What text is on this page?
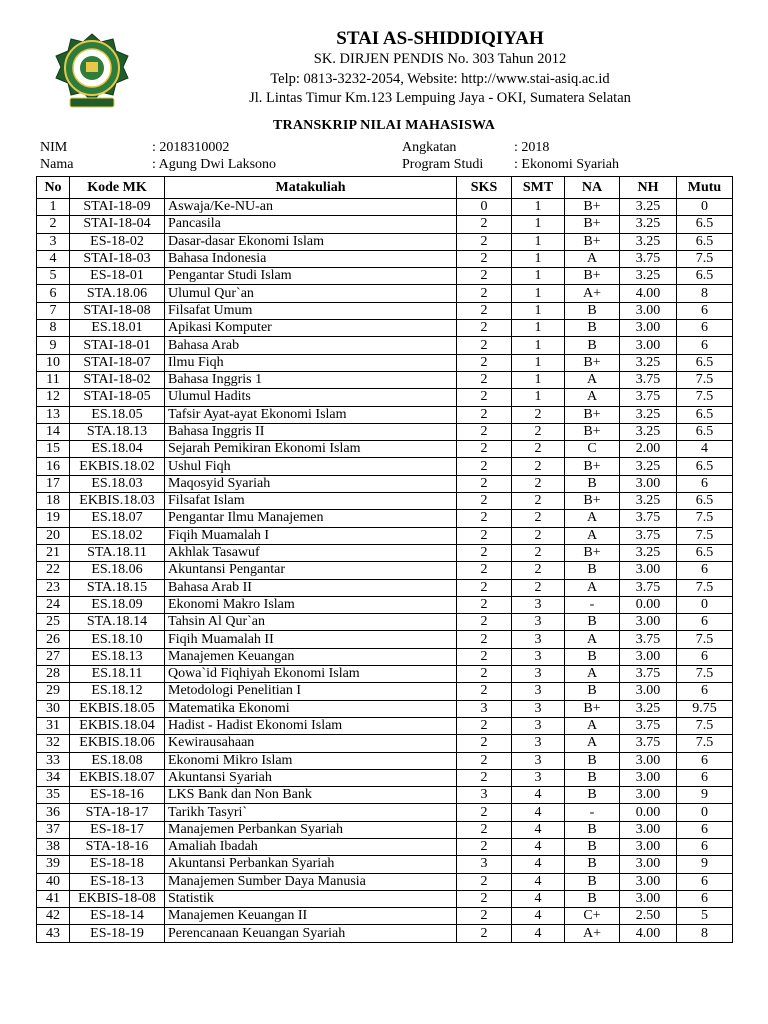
STAI AS-SHIDDIQIYAH
SK. DIRJEN PENDIS No. 303 Tahun 2012
Telp: 0813-3232-2054, Website: http://www.stai-asiq.ac.id
Jl. Lintas Timur Km.123 Lempuing Jaya - OKI, Sumatera Selatan
TRANSKRIP NILAI MAHASISWA
NIM	: 2018310002	Angkatan	: 2018
Nama	: Agung Dwi Laksono	Program Studi : Ekonomi Syariah
No	Kode MK	Matakuliah	SKS	SMT	NA	NH	Mutu
1	STAI-18-09	Aswaja/Ke-NU-an	0	1	B+	3.25	0
2	STAI-18-04	Pancasila	2	1	B+	3.25	6.5
3	ES-18-02	Dasar-dasar Ekonomi Islam	2	1	B+	3.25	6.5
4	STAI-18-03	Bahasa Indonesia	2	1	A	3.75	7.5
5	ES-18-01	Pengantar Studi Islam	2	1	B+	3.25	6.5
6	STA.18.06	Ulumul Qur`an	2	1	A+	4.00	8
7	STAI-18-08	Filsafat Umum	2	1	B	3.00	6
8	ES.18.01	Apikasi Komputer	2	1	B	3.00	6
9	STAI-18-01	Bahasa Arab	2	1	B	3.00	6
10	STAI-18-07	Ilmu Fiqh	2	1	B+	3.25	6.5
11	STAI-18-02	Bahasa Inggris 1	2	1	A	3.75	7.5
12	STAI-18-05	Ulumul Hadits	2	1	A	3.75	7.5
13	ES.18.05	Tafsir Ayat-ayat Ekonomi Islam	2	2	B+	3.25	6.5
14	STA.18.13	Bahasa Inggris II	2	2	B+	3.25	6.5
15	ES.18.04	Sejarah Pemikiran Ekonomi Islam	2	2	C	2.00	4
16	EKBIS.18.02	Ushul Fiqh	2	2	B+	3.25	6.5
17	ES.18.03	Maqosyid Syariah	2	2	B	3.00	6
18	EKBIS.18.03	Filsafat Islam	2	2	B+	3.25	6.5
19	ES.18.07	Pengantar Ilmu Manajemen	2	2	A	3.75	7.5
20	ES.18.02	Fiqih Muamalah I	2	2	A	3.75	7.5
21	STA.18.11	Akhlak Tasawuf	2	2	B+	3.25	6.5
22	ES.18.06	Akuntansi Pengantar	2	2	B	3.00	6
23	STA.18.15	Bahasa Arab II	2	2	A	3.75	7.5
24	ES.18.09	Ekonomi Makro Islam	2	3	-	0.00	0
25	STA.18.14	Tahsin Al Qur`an	2	3	B	3.00	6
26	ES.18.10	Fiqih Muamalah II	2	3	A	3.75	7.5
27	ES.18.13	Manajemen Keuangan	2	3	B	3.00	6
28	ES.18.11	Qowa`id Fiqhiyah Ekonomi Islam	2	3	A	3.75	7.5
29	ES.18.12	Metodologi Penelitian I	2	3	B	3.00	6
30	EKBIS.18.05	Matematika Ekonomi	3	3	B+	3.25	9.75
31	EKBIS.18.04	Hadist - Hadist Ekonomi Islam	2	3	A	3.75	7.5
32	EKBIS.18.06	Kewirausahaan	2	3	A	3.75	7.5
33	ES.18.08	Ekonomi Mikro Islam	2	3	B	3.00	6
34	EKBIS.18.07	Akuntansi Syariah	2	3	B	3.00	6
35	ES-18-16	LKS Bank dan Non Bank	3	4	B	3.00	9
36	STA-18-17	Tarikh Tasyri`	2	4	-	0.00	0
37	ES-18-17	Manajemen Perbankan Syariah	2	4	B	3.00	6
38	STA-18-16	Amaliah Ibadah	2	4	B	3.00	6
39	ES-18-18	Akuntansi Perbankan Syariah	3	4	B	3.00	9
40	ES-18-13	Manajemen Sumber Daya Manusia	2	4	B	3.00	6
41	EKBIS-18-08	Statistik	2	4	B	3.00	6
42	ES-18-14	Manajemen Keuangan II	2	4	C+	2.50	5
43	ES-18-19	Perencanaan Keuangan Syariah	2	4	A+	4.00	8
